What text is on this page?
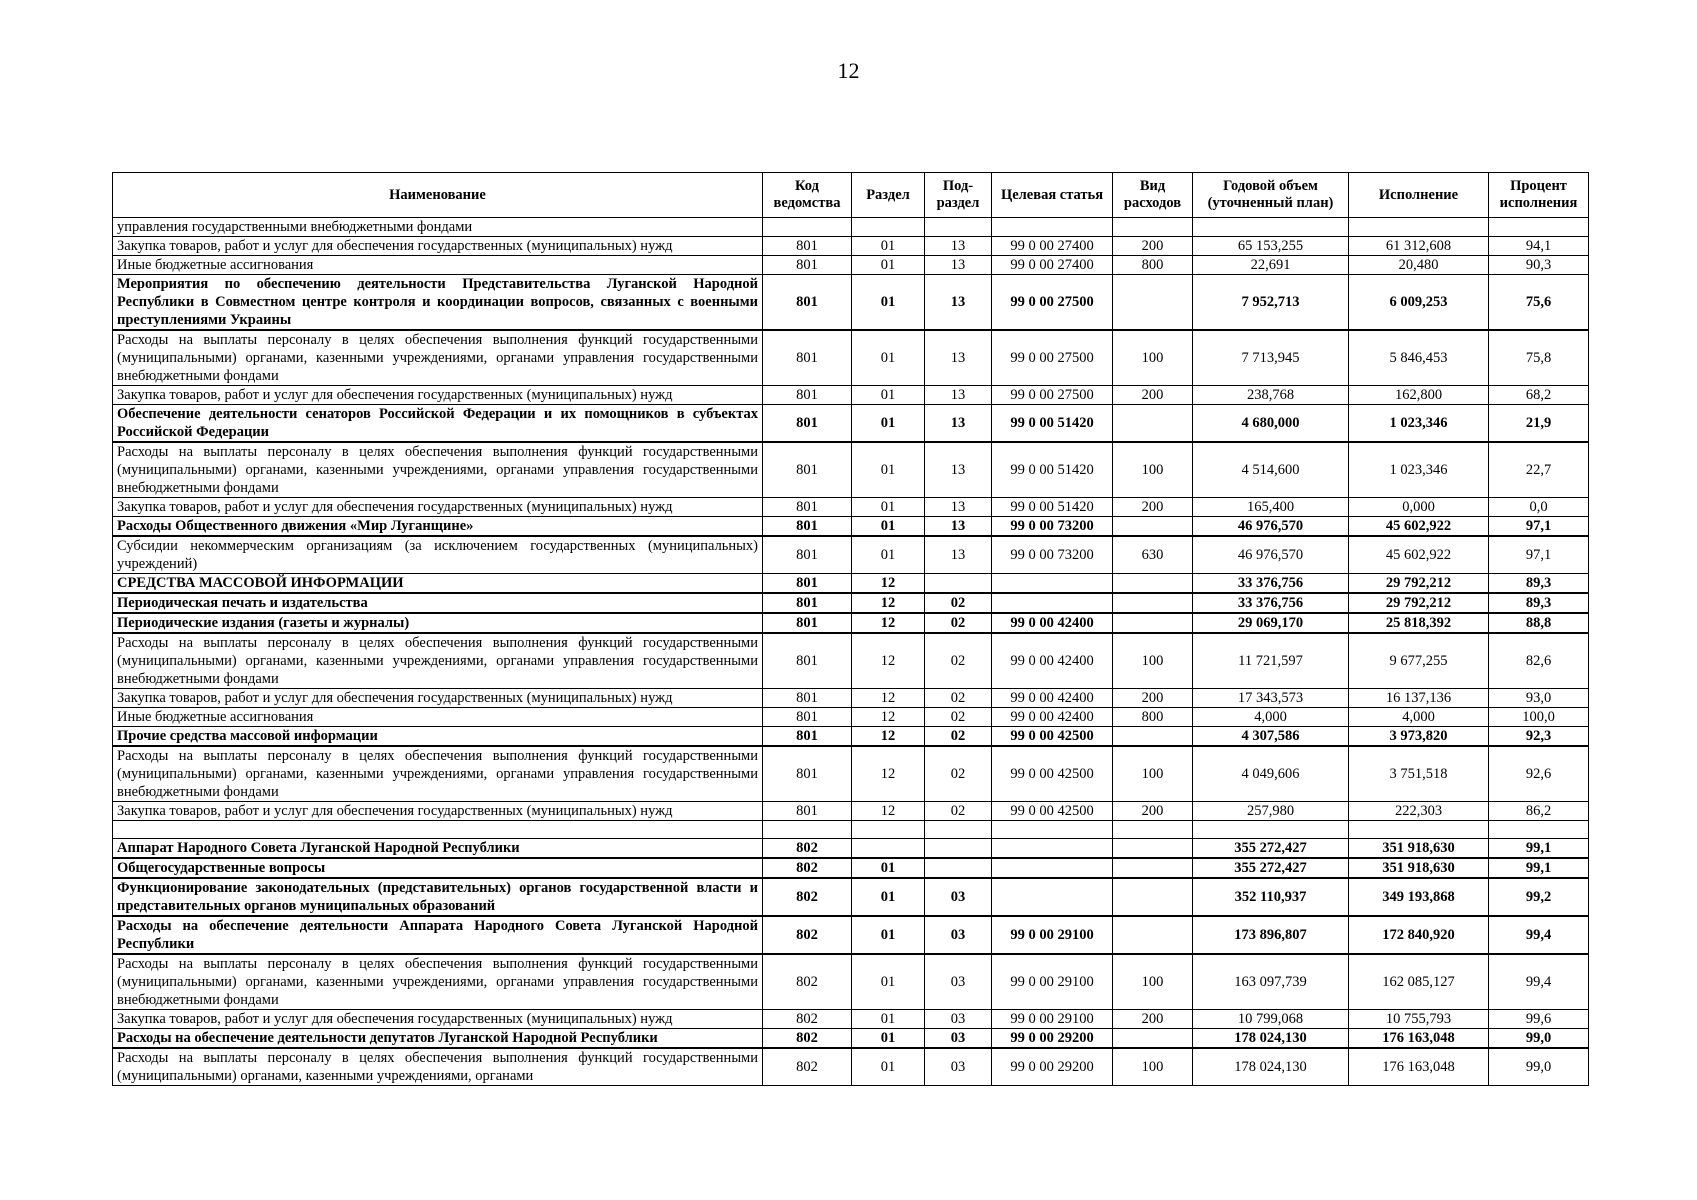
12
Наименование	Код ведомства	Раздел	Под-раздел	Целевая статья	Вид расходов	Годовой объем (уточненный план)	Исполнение	Процент исполнения
управления государственными внебюджетными фондами								
Закупка товаров, работ и услуг для обеспечения государственных (муниципальных) нужд	801	01	13	99 0 00 27400	200	65 153,255	61 312,608	94,1
Иные бюджетные ассигнования	801	01	13	99 0 00 27400	800	22,691	20,480	90,3
Мероприятия по обеспечению деятельности Представительства Луганской Народной Республики в Совместном центре контроля и координации вопросов, связанных с военными преступлениями Украины	801	01	13	99 0 00 27500		7 952,713	6 009,253	75,6
Расходы на выплаты персоналу в целях обеспечения выполнения функций государственными (муниципальными) органами, казенными учреждениями, органами управления государственными внебюджетными фондами	801	01	13	99 0 00 27500	100	7 713,945	5 846,453	75,8
Закупка товаров, работ и услуг для обеспечения государственных (муниципальных) нужд	801	01	13	99 0 00 27500	200	238,768	162,800	68,2
Обеспечение деятельности сенаторов Российской Федерации и их помощников в субъектах Российской Федерации	801	01	13	99 0 00 51420		4 680,000	1 023,346	21,9
Расходы на выплаты персоналу в целях обеспечения выполнения функций государственными (муниципальными) органами, казенными учреждениями, органами управления государственными внебюджетными фондами	801	01	13	99 0 00 51420	100	4 514,600	1 023,346	22,7
Закупка товаров, работ и услуг для обеспечения государственных (муниципальных) нужд	801	01	13	99 0 00 51420	200	165,400	0,000	0,0
Расходы Общественного движения «Мир Луганщине»	801	01	13	99 0 00 73200		46 976,570	45 602,922	97,1
Субсидии некоммерческим организациям (за исключением государственных (муниципальных) учреждений)	801	01	13	99 0 00 73200	630	46 976,570	45 602,922	97,1
СРЕДСТВА МАССОВОЙ ИНФОРМАЦИИ	801	12				33 376,756	29 792,212	89,3
Периодическая печать и издательства	801	12	02			33 376,756	29 792,212	89,3
Периодические издания (газеты и журналы)	801	12	02	99 0 00 42400		29 069,170	25 818,392	88,8
Расходы на выплаты персоналу в целях обеспечения выполнения функций государственными (муниципальными) органами, казенными учреждениями, органами управления государственными внебюджетными фондами	801	12	02	99 0 00 42400	100	11 721,597	9 677,255	82,6
Закупка товаров, работ и услуг для обеспечения государственных (муниципальных) нужд	801	12	02	99 0 00 42400	200	17 343,573	16 137,136	93,0
Иные бюджетные ассигнования	801	12	02	99 0 00 42400	800	4,000	4,000	100,0
Прочие средства массовой информации	801	12	02	99 0 00 42500		4 307,586	3 973,820	92,3
Расходы на выплаты персоналу в целях обеспечения выполнения функций государственными (муниципальными) органами, казенными учреждениями, органами управления государственными внебюджетными фондами	801	12	02	99 0 00 42500	100	4 049,606	3 751,518	92,6
Закупка товаров, работ и услуг для обеспечения государственных (муниципальных) нужд	801	12	02	99 0 00 42500	200	257,980	222,303	86,2

Аппарат Народного Совета Луганской Народной Республики	802					355 272,427	351 918,630	99,1
Общегосударственные вопросы	802	01				355 272,427	351 918,630	99,1
Функционирование законодательных (представительных) органов государственной власти и представительных органов муниципальных образований	802	01	03			352 110,937	349 193,868	99,2
Расходы на обеспечение деятельности Аппарата Народного Совета Луганской Народной Республики	802	01	03	99 0 00 29100		173 896,807	172 840,920	99,4
Расходы на выплаты персоналу в целях обеспечения выполнения функций государственными (муниципальными) органами, казенными учреждениями, органами управления государственными внебюджетными фондами	802	01	03	99 0 00 29100	100	163 097,739	162 085,127	99,4
Закупка товаров, работ и услуг для обеспечения государственных (муниципальных) нужд	802	01	03	99 0 00 29100	200	10 799,068	10 755,793	99,6
Расходы на обеспечение деятельности депутатов Луганской Народной Республики	802	01	03	99 0 00 29200		178 024,130	176 163,048	99,0
Расходы на выплаты персоналу в целях обеспечения выполнения функций государственными (муниципальными) органами, казенными учреждениями, органами	802	01	03	99 0 00 29200	100	178 024,130	176 163,048	99,0
